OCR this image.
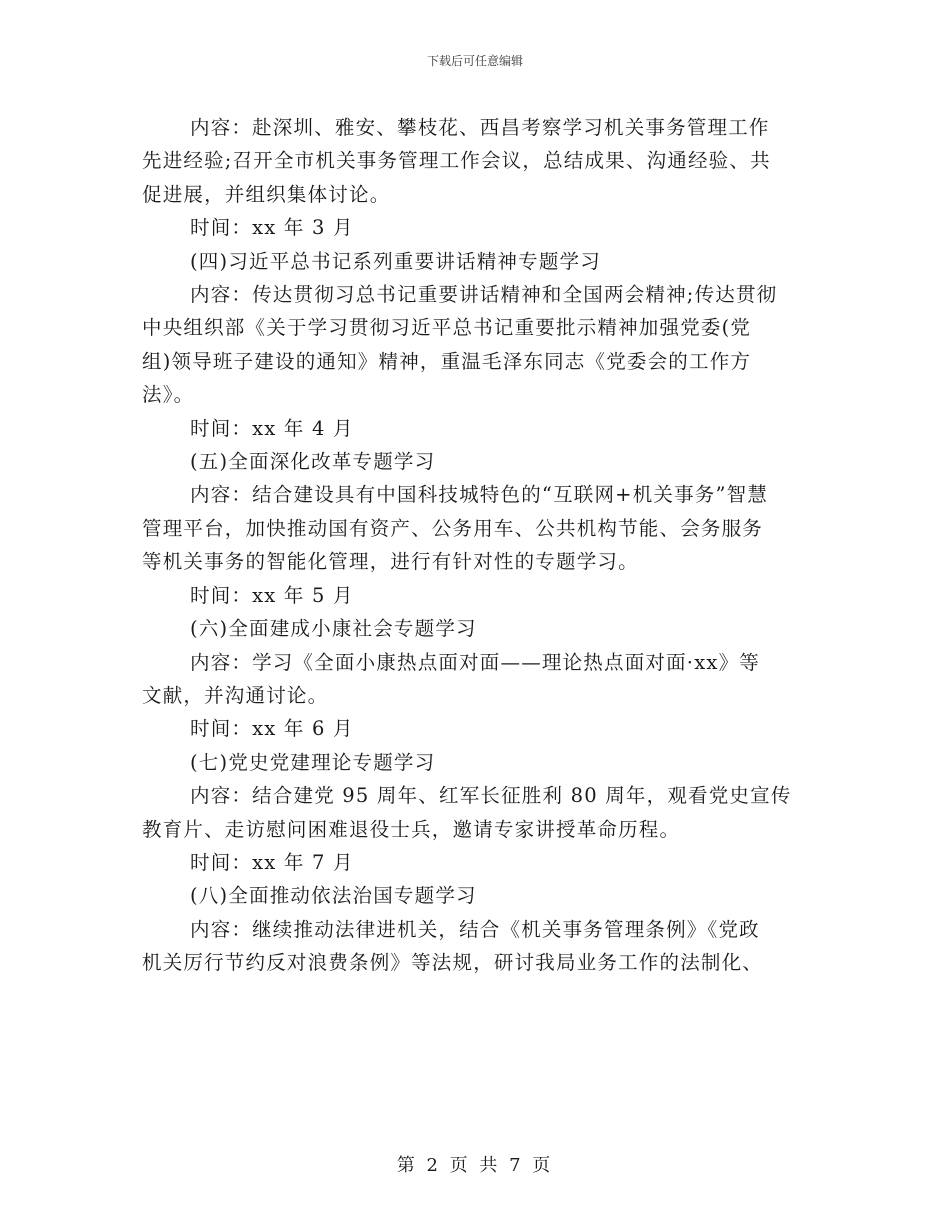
下载后可任意编辑

内容：赴深圳、雅安、攀枝花、西昌考察学习机关事务管理工作
先进经验;召开全市机关事务管理工作会议，总结成果、沟通经验、共
促进展，并组织集体讨论。

时间：xx 年 3 月

(四)习近平总书记系列重要讲话精神专题学习

内容：传达贯彻习总书记重要讲话精神和全国两会精神;传达贯彻
中央组织部《关于学习贯彻习近平总书记重要批示精神加强党委(党
组)领导班子建设的通知》精神，重温毛泽东同志《党委会的工作方
法》。

时间：xx 年 4 月

(五)全面深化改革专题学习

内容：结合建设具有中国科技城特色的“互联网+机关事务”智慧
管理平台，加快推动国有资产、公务用车、公共机构节能、会务服务
等机关事务的智能化管理，进行有针对性的专题学习。

时间：xx 年 5 月

(六)全面建成小康社会专题学习

内容：学习《全面小康热点面对面——理论热点面对面·xx》等
文献，并沟通讨论。

时间：xx 年 6 月

(七)党史党建理论专题学习

内容：结合建党 95 周年、红军长征胜利 80 周年，观看党史宣传
教育片、走访慰问困难退役士兵，邀请专家讲授革命历程。

时间：xx 年 7 月

(八)全面推动依法治国专题学习

内容：继续推动法律进机关，结合《机关事务管理条例》《党政
机关厉行节约反对浪费条例》等法规，研讨我局业务工作的法制化、

第 2 页 共 7 页
